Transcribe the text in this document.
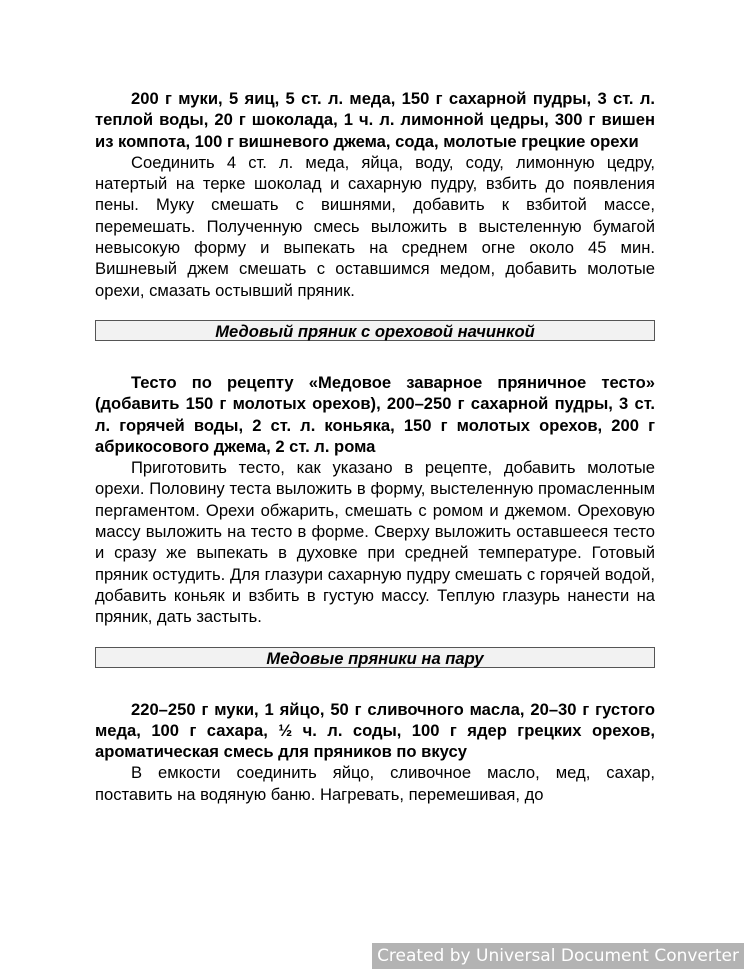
200 г муки, 5 яиц, 5 ст. л. меда, 150 г сахарной пудры, 3 ст. л. теплой воды, 20 г шоколада, 1 ч. л. лимонной цедры, 300 г вишен из компота, 100 г вишневого джема, сода, молотые грецкие орехи

Соединить 4 ст. л. меда, яйца, воду, соду, лимонную цедру, натертый на терке шоколад и сахарную пудру, взбить до появления пены. Муку смешать с вишнями, добавить к взбитой массе, перемешать. Полученную смесь выложить в выстеленную бумагой невысокую форму и выпекать на среднем огне около 45 мин. Вишневый джем смешать с оставшимся медом, добавить молотые орехи, смазать остывший пряник.

Медовый пряник с ореховой начинкой

Тесто по рецепту «Медовое заварное пряничное тесто» (добавить 150 г молотых орехов), 200–250 г сахарной пудры, 3 ст. л. горячей воды, 2 ст. л. коньяка, 150 г молотых орехов, 200 г абрикосового джема, 2 ст. л. рома

Приготовить тесто, как указано в рецепте, добавить молотые орехи. Половину теста выложить в форму, выстеленную промасленным пергаментом. Орехи обжарить, смешать с ромом и джемом. Ореховую массу выложить на тесто в форме. Сверху выложить оставшееся тесто и сразу же выпекать в духовке при средней температуре. Готовый пряник остудить. Для глазури сахарную пудру смешать с горячей водой, добавить коньяк и взбить в густую массу. Теплую глазурь нанести на пряник, дать застыть.

Медовые пряники на пару

220–250 г муки, 1 яйцо, 50 г сливочного масла, 20–30 г густого меда, 100 г сахара, ½ ч. л. соды, 100 г ядер грецких орехов, ароматическая смесь для пряников по вкусу

В емкости соединить яйцо, сливочное масло, мед, сахар, поставить на водяную баню. Нагревать, перемешивая, до

Created by Universal Document Converter
